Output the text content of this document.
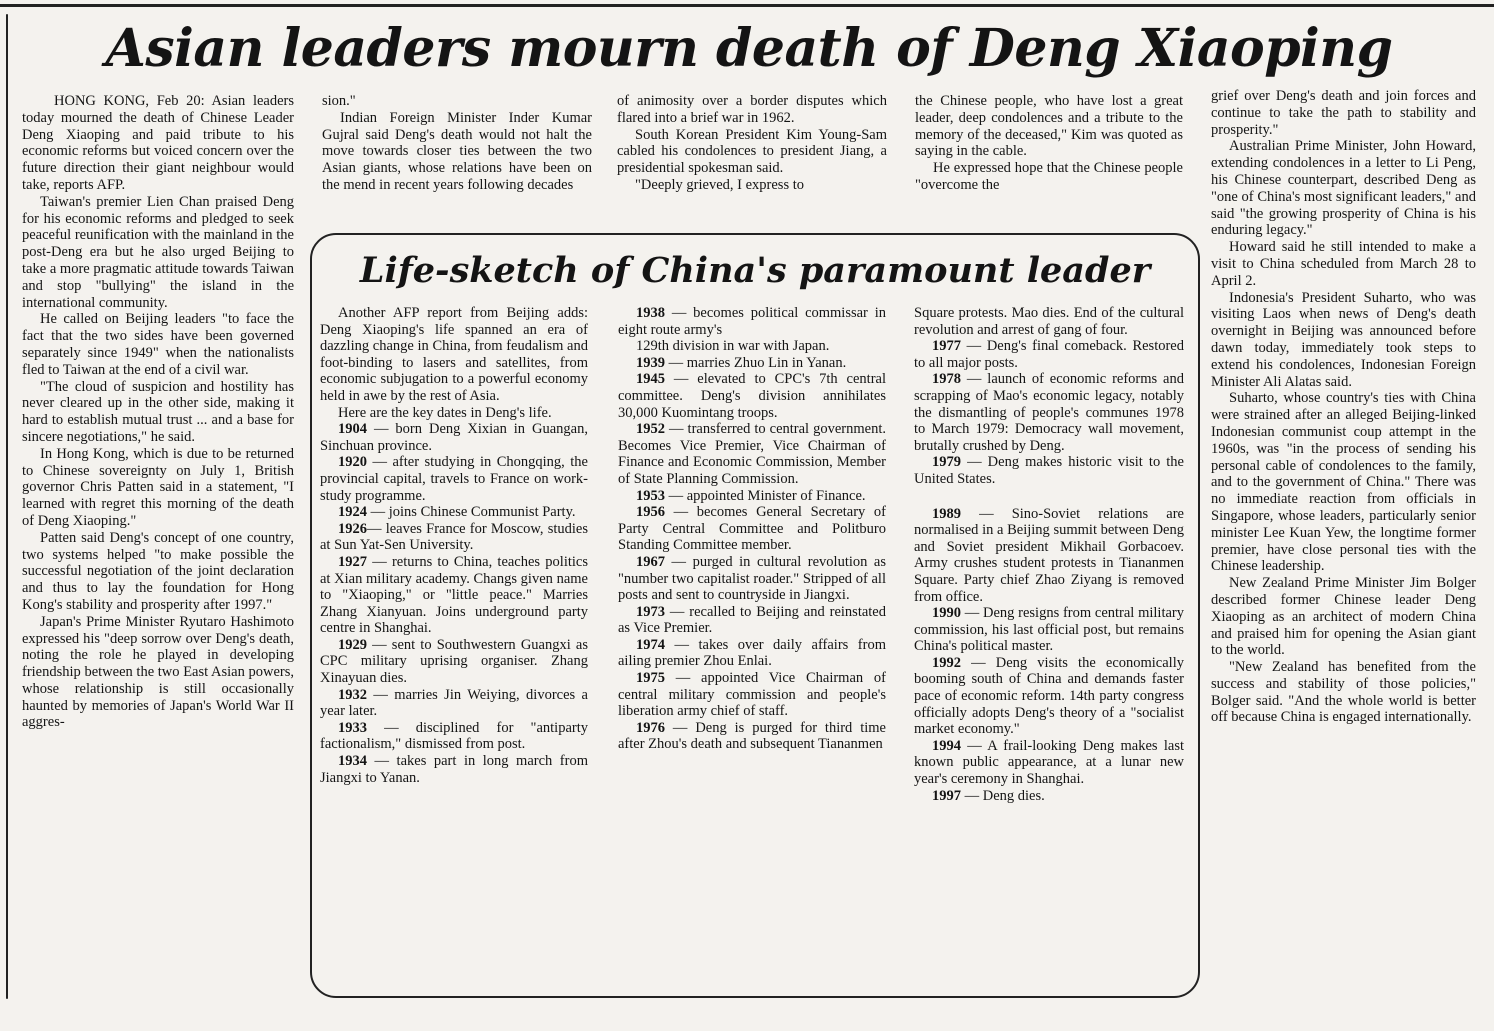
Asian leaders mourn death of Deng Xiaoping

HONG KONG, Feb 20: Asian leaders today mourned the death of Chinese Leader Deng Xiaoping and paid tribute to his economic reforms but voiced concern over the future direction their giant neighbour would take, reports AFP.

Taiwan's premier Lien Chan praised Deng for his economic reforms and pledged to seek peaceful reunification with the mainland in the post-Deng era but he also urged Beijing to take a more pragmatic attitude towards Taiwan and stop "bullying" the island in the international community.

He called on Beijing leaders "to face the fact that the two sides have been governed separately since 1949" when the nationalists fled to Taiwan at the end of a civil war.

"The cloud of suspicion and hostility has never cleared up in the other side, making it hard to establish mutual trust ... and a base for sincere negotiations," he said.

In Hong Kong, which is due to be returned to Chinese sovereignty on July 1, British governor Chris Patten said in a statement, "I learned with regret this morning of the death of Deng Xiaoping."

Patten said Deng's concept of one country, two systems helped "to make possible the successful negotiation of the joint declaration and thus to lay the foundation for Hong Kong's stability and prosperity after 1997."

Japan's Prime Minister Ryutaro Hashimoto expressed his "deep sorrow over Deng's death, noting the role he played in developing friendship between the two East Asian powers, whose relationship is still occasionally haunted by memories of Japan's World War II aggres-

sion."

Indian Foreign Minister Inder Kumar Gujral said Deng's death would not halt the move towards closer ties between the two Asian giants, whose relations have been on the mend in recent years following decades

of animosity over a border disputes which flared into a brief war in 1962.

South Korean President Kim Young-Sam cabled his condolences to president Jiang, a presidential spokesman said.

"Deeply grieved, I express to

the Chinese people, who have lost a great leader, deep condolences and a tribute to the memory of the deceased," Kim was quoted as saying in the cable.

He expressed hope that the Chinese people "overcome the

grief over Deng's death and join forces and continue to take the path to stability and prosperity."

Australian Prime Minister, John Howard, extending condolences in a letter to Li Peng, his Chinese counterpart, described Deng as "one of China's most significant leaders," and said "the growing prosperity of China is his enduring legacy."

Howard said he still intended to make a visit to China scheduled from March 28 to April 2.

Indonesia's President Suharto, who was visiting Laos when news of Deng's death overnight in Beijing was announced before dawn today, immediately took steps to extend his condolences, Indonesian Foreign Minister Ali Alatas said.

Suharto, whose country's ties with China were strained after an alleged Beijing-linked Indonesian communist coup attempt in the 1960s, was "in the process of sending his personal cable of condolences to the family, and to the government of China." There was no immediate reaction from officials in Singapore, whose leaders, particularly senior minister Lee Kuan Yew, the longtime former premier, have close personal ties with the Chinese leadership.

New Zealand Prime Minister Jim Bolger described former Chinese leader Deng Xiaoping as an architect of modern China and praised him for opening the Asian giant to the world.

"New Zealand has benefited from the success and stability of those policies," Bolger said. "And the whole world is better off because China is engaged internationally.

Life-sketch of China's paramount leader

Another AFP report from Beijing adds: Deng Xiaoping's life spanned an era of dazzling change in China, from feudalism and foot-binding to lasers and satellites, from economic subjugation to a powerful economy held in awe by the rest of Asia.

Here are the key dates in Deng's life.

1904 — born Deng Xixian in Guangan, Sinchuan province.

1920 — after studying in Chongqing, the provincial capital, travels to France on work-study programme.

1924 — joins Chinese Communist Party.

1926— leaves France for Moscow, studies at Sun Yat-Sen University.

1927 — returns to China, teaches politics at Xian military academy. Changs given name to "Xiaoping," or "little peace." Marries Zhang Xianyuan. Joins underground party centre in Shanghai.

1929 — sent to Southwestern Guangxi as CPC military uprising organiser. Zhang Xinayuan dies.

1932 — marries Jin Weiying, divorces a year later.

1933 — disciplined for "antiparty factionalism," dismissed from post.

1934 — takes part in long march from Jiangxi to Yanan.

1938 — becomes political commissar in eight route army's

129th division in war with Japan.

1939 — marries Zhuo Lin in Yanan.

1945 — elevated to CPC's 7th central committee. Deng's division annihilates 30,000 Kuomintang troops.

1952 — transferred to central government. Becomes Vice Premier, Vice Chairman of Finance and Economic Commission, Member of State Planning Commission.

1953 — appointed Minister of Finance.

1956 — becomes General Secretary of Party Central Committee and Politburo Standing Committee member.

1967 — purged in cultural revolution as "number two capitalist roader." Stripped of all posts and sent to countryside in Jiangxi.

1973 — recalled to Beijing and reinstated as Vice Premier.

1974 — takes over daily affairs from ailing premier Zhou Enlai.

1975 — appointed Vice Chairman of central military commission and people's liberation army chief of staff.

1976 — Deng is purged for third time after Zhou's death and subsequent Tiananmen

Square protests. Mao dies. End of the cultural revolution and arrest of gang of four.

1977 — Deng's final comeback. Restored to all major posts.

1978 — launch of economic reforms and scrapping of Mao's economic legacy, notably the dismantling of people's communes 1978 to March 1979: Democracy wall movement, brutally crushed by Deng.

1979 — Deng makes historic visit to the United States.

1989 — Sino-Soviet relations are normalised in a Beijing summit between Deng and Soviet president Mikhail Gorbacoev. Army crushes student protests in Tiananmen Square. Party chief Zhao Ziyang is removed from office.

1990 — Deng resigns from central military commission, his last official post, but remains China's political master.

1992 — Deng visits the economically booming south of China and demands faster pace of economic reform. 14th party congress officially adopts Deng's theory of a "socialist market economy."

1994 — A frail-looking Deng makes last known public appearance, at a lunar new year's ceremony in Shanghai.

1997 — Deng dies.
